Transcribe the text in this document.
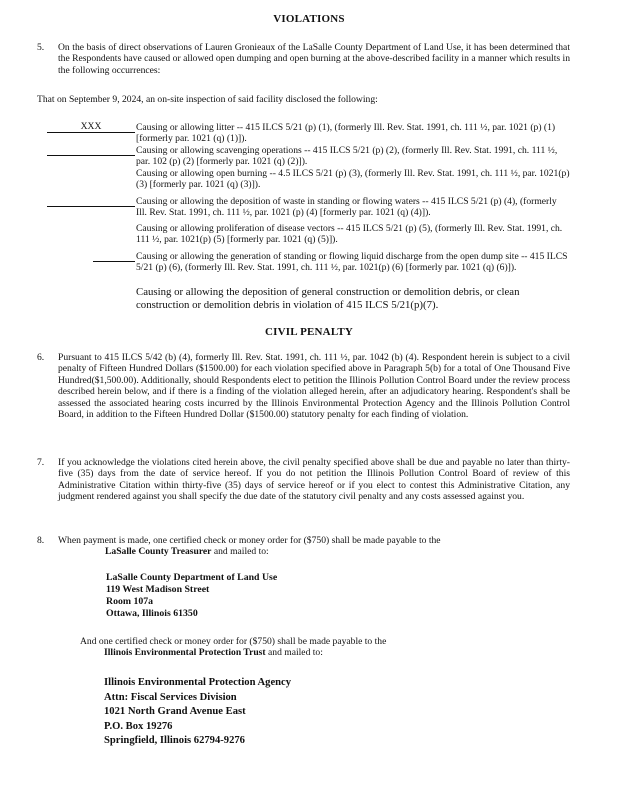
VIOLATIONS
5. On the basis of direct observations of Lauren Gronieaux of the LaSalle County Department of Land Use, it has been determined that the Respondents have caused or allowed open dumping and open burning at the above-described facility in a manner which results in the following occurrences:
That on September 9, 2024, an on-site inspection of said facility disclosed the following:
XXX	Causing or allowing litter -- 415 ILCS 5/21 (p) (1), (formerly Ill. Rev. Stat. 1991, ch. 111 ½, par. 1021 (p) (1) [formerly par. 1021 (q) (1)]).
Causing or allowing scavenging operations -- 415 ILCS 5/21 (p) (2), (formerly Ill. Rev. Stat. 1991, ch. 111 ½, par. 102 (p) (2) [formerly par. 1021 (q) (2)]).
Causing or allowing open burning -- 4.5 ILCS 5/21 (p) (3), (formerly Ill. Rev. Stat. 1991, ch. 111 ½, par. 1021(p) (3) [formerly par. 1021 (q) (3)]).
Causing or allowing the deposition of waste in standing or flowing waters -- 415 ILCS 5/21 (p) (4), (formerly Ill. Rev. Stat. 1991, ch. 111 ½, par. 1021 (p) (4) [formerly par. 1021 (q) (4)]).
Causing or allowing proliferation of disease vectors -- 415 ILCS 5/21 (p) (5), (formerly Ill. Rev. Stat. 1991, ch. 111 ½, par. 1021(p) (5) [formerly par. 1021 (q) (5)]).
Causing or allowing the generation of standing or flowing liquid discharge from the open dump site -- 415 ILCS 5/21 (p) (6), (formerly Ill. Rev. Stat. 1991, ch. 111 ½, par. 1021(p) (6) [formerly par. 1021 (q) (6)]).
Causing or allowing the deposition of general construction or demolition debris, or clean construction or demolition debris in violation of 415 ILCS 5/21(p)(7).
CIVIL PENALTY
6. Pursuant to 415 ILCS 5/42 (b) (4), formerly Ill. Rev. Stat. 1991, ch. 111 ½, par. 1042 (b) (4). Respondent herein is subject to a civil penalty of Fifteen Hundred Dollars ($1500.00) for each violation specified above in Paragraph 5(b) for a total of One Thousand Five Hundred($1,500.00). Additionally, should Respondents elect to petition the Illinois Pollution Control Board under the review process described herein below, and if there is a finding of the violation alleged herein, after an adjudicatory hearing. Respondent's shall be assessed the associated hearing costs incurred by the Illinois Environmental Protection Agency and the Illinois Pollution Control Board, in addition to the Fifteen Hundred Dollar ($1500.00) statutory penalty for each finding of violation.
7. If you acknowledge the violations cited herein above, the civil penalty specified above shall be due and payable no later than thirty-five (35) days from the date of service hereof. If you do not petition the Illinois Pollution Control Board of review of this Administrative Citation within thirty-five (35) days of service hereof or if you elect to contest this Administrative Citation, any judgment rendered against you shall specify the due date of the statutory civil penalty and any costs assessed against you.
8. When payment is made, one certified check or money order for ($750) shall be made payable to the
LaSalle County Treasurer and mailed to:
LaSalle County Department of Land Use
119 West Madison Street
Room 107a
Ottawa, Illinois 61350
And one certified check or money order for ($750) shall be made payable to the
Illinois Environmental Protection Trust and mailed to:
Illinois Environmental Protection Agency
Attn: Fiscal Services Division
1021 North Grand Avenue East
P.O. Box 19276
Springfield, Illinois 62794-9276
